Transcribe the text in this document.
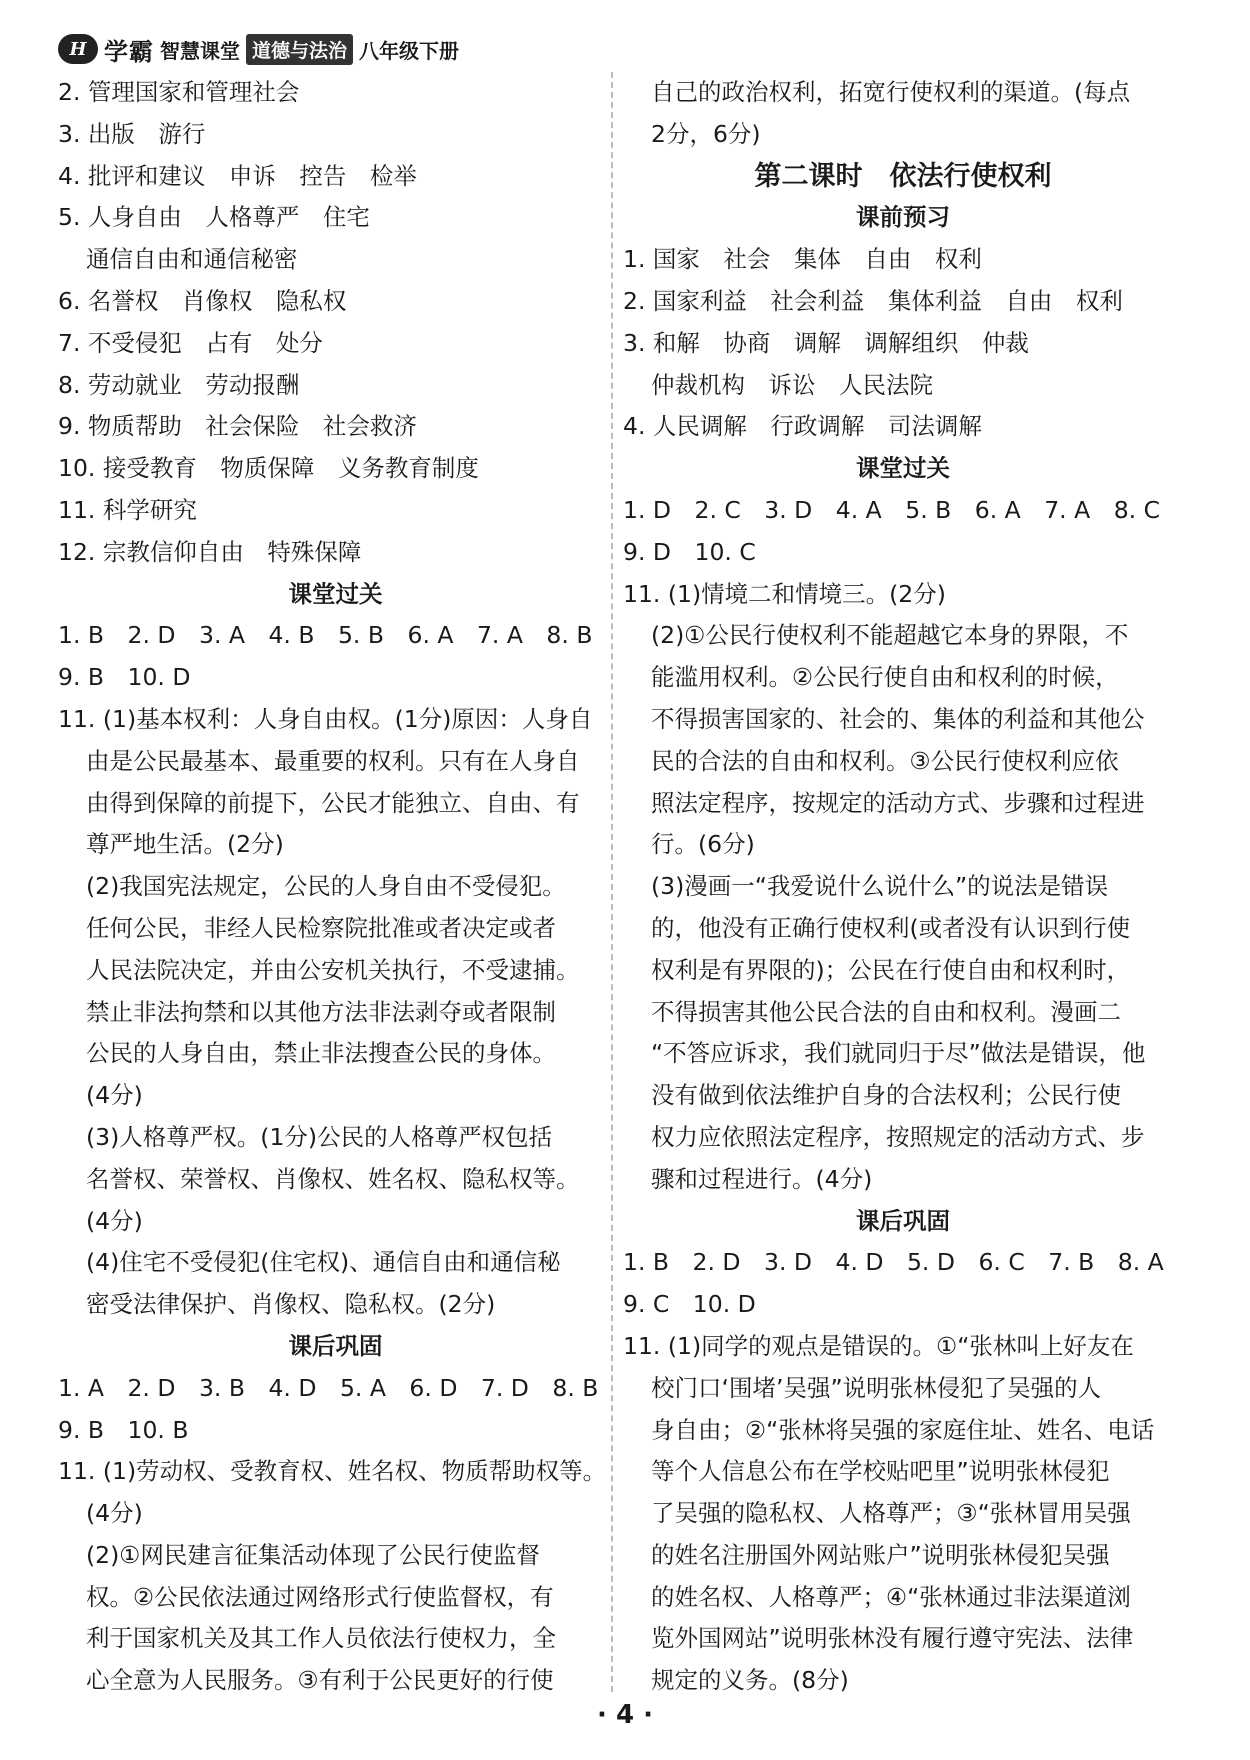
H 学霸 智慧课堂 道德与法治 八年级下册
2. 管理国家和管理社会
3. 出版　游行
4. 批评和建议　申诉　控告　检举
5. 人身自由　人格尊严　住宅
通信自由和通信秘密
6. 名誉权　肖像权　隐私权
7. 不受侵犯　占有　处分
8. 劳动就业　劳动报酬
9. 物质帮助　社会保险　社会救济
10. 接受教育　物质保障　义务教育制度
11. 科学研究
12. 宗教信仰自由　特殊保障
课堂过关
1. B　2. D　3. A　4. B　5. B　6. A　7. A　8. B
9. B　10. D
11. (1)基本权利：人身自由权。(1分)原因：人身自
由是公民最基本、最重要的权利。只有在人身自
由得到保障的前提下，公民才能独立、自由、有
尊严地生活。(2分)
(2)我国宪法规定，公民的人身自由不受侵犯。
任何公民，非经人民检察院批准或者决定或者
人民法院决定，并由公安机关执行，不受逮捕。
禁止非法拘禁和以其他方法非法剥夺或者限制
公民的人身自由，禁止非法搜查公民的身体。
(4分)
(3)人格尊严权。(1分)公民的人格尊严权包括
名誉权、荣誉权、肖像权、姓名权、隐私权等。
(4分)
(4)住宅不受侵犯(住宅权)、通信自由和通信秘
密受法律保护、肖像权、隐私权。(2分)
课后巩固
1. A　2. D　3. B　4. D　5. A　6. D　7. D　8. B
9. B　10. B
11. (1)劳动权、受教育权、姓名权、物质帮助权等。
(4分)
(2)①网民建言征集活动体现了公民行使监督
权。②公民依法通过网络形式行使监督权，有
利于国家机关及其工作人员依法行使权力，全
心全意为人民服务。③有利于公民更好的行使
自己的政治权利，拓宽行使权利的渠道。(每点
2分，6分)
第二课时　依法行使权利
课前预习
1. 国家　社会　集体　自由　权利
2. 国家利益　社会利益　集体利益　自由　权利
3. 和解　协商　调解　调解组织　仲裁
仲裁机构　诉讼　人民法院
4. 人民调解　行政调解　司法调解
课堂过关
1. D　2. C　3. D　4. A　5. B　6. A　7. A　8. C
9. D　10. C
11. (1)情境二和情境三。(2分)
(2)①公民行使权利不能超越它本身的界限，不
能滥用权利。②公民行使自由和权利的时候，
不得损害国家的、社会的、集体的利益和其他公
民的合法的自由和权利。③公民行使权利应依
照法定程序，按规定的活动方式、步骤和过程进
行。(6分)
(3)漫画一“我爱说什么说什么”的说法是错误
的，他没有正确行使权利(或者没有认识到行使
权利是有界限的)；公民在行使自由和权利时，
不得损害其他公民合法的自由和权利。漫画二
“不答应诉求，我们就同归于尽”做法是错误，他
没有做到依法维护自身的合法权利；公民行使
权力应依照法定程序，按照规定的活动方式、步
骤和过程进行。(4分)
课后巩固
1. B　2. D　3. D　4. D　5. D　6. C　7. B　8. A
9. C　10. D
11. (1)同学的观点是错误的。①“张林叫上好友在
校门口‘围堵’吴强”说明张林侵犯了吴强的人
身自由；②“张林将吴强的家庭住址、姓名、电话
等个人信息公布在学校贴吧里”说明张林侵犯
了吴强的隐私权、人格尊严；③“张林冒用吴强
的姓名注册国外网站账户”说明张林侵犯吴强
的姓名权、人格尊严；④“张林通过非法渠道浏
览外国网站”说明张林没有履行遵守宪法、法律
规定的义务。(8分)
· 4 ·
